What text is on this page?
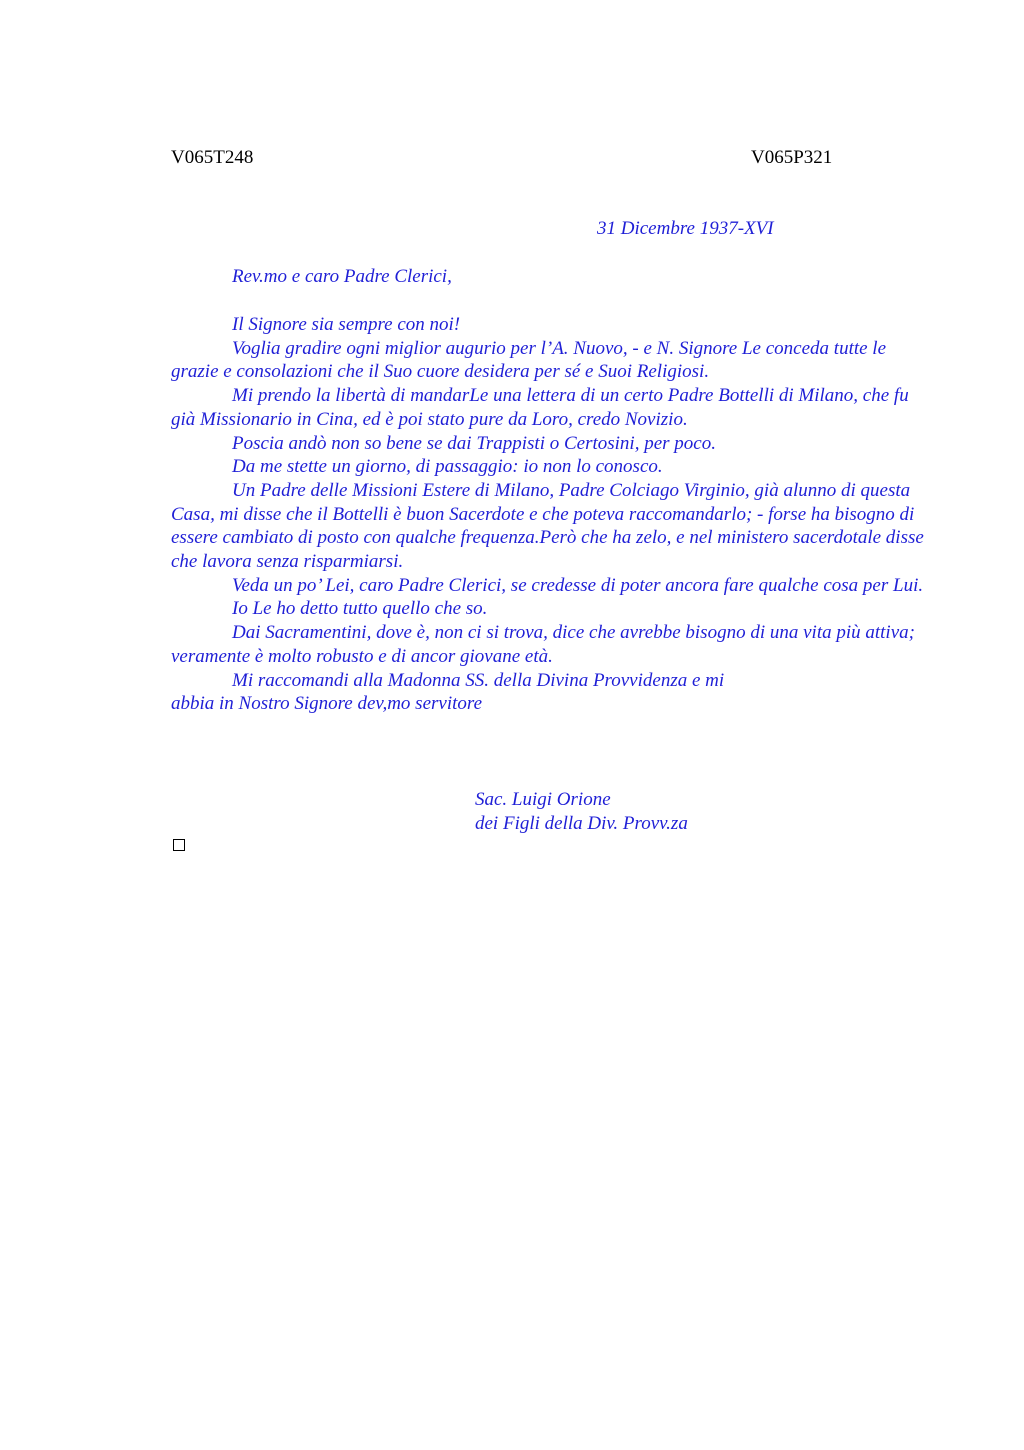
V065T248	V065P321
31 Dicembre 1937-XVI
Rev.mo e caro Padre Clerici,

Il Signore sia sempre con noi!

Voglia gradire ogni miglior augurio per l’A. Nuovo, - e N. Signore Le conceda tutte le grazie e consolazioni che il Suo cuore desidera per sé e Suoi Religiosi.

Mi prendo la libertà di mandarLe una lettera di un certo Padre Bottelli di Milano, che fu già Missionario in Cina, ed è poi stato pure da Loro, credo Novizio.

Poscia andò non so bene se dai Trappisti o Certosini, per poco.

Da me stette un giorno, di passaggio: io non lo conosco.

Un Padre delle Missioni Estere di Milano, Padre Colciago Virginio, già alunno di questa Casa, mi disse che il Bottelli è buon Sacerdote e che poteva raccomandarlo; - forse ha bisogno di essere cambiato di posto con qualche frequenza.Però che ha zelo, e nel ministero sacerdotale disse che lavora senza risparmiarsi.

Veda un po’ Lei, caro Padre Clerici, se credesse di poter ancora fare qualche cosa per Lui.

Io Le ho detto tutto quello che so.

Dai Sacramentini, dove è, non ci si trova, dice che avrebbe bisogno di una vita più attiva; veramente è molto robusto e di ancor giovane età.

Mi raccomandi alla Madonna SS. della Divina Provvidenza e mi

abbia in Nostro Signore dev,mo servitore

Sac. Luigi Orione
dei Figli della Div. Provv.za
